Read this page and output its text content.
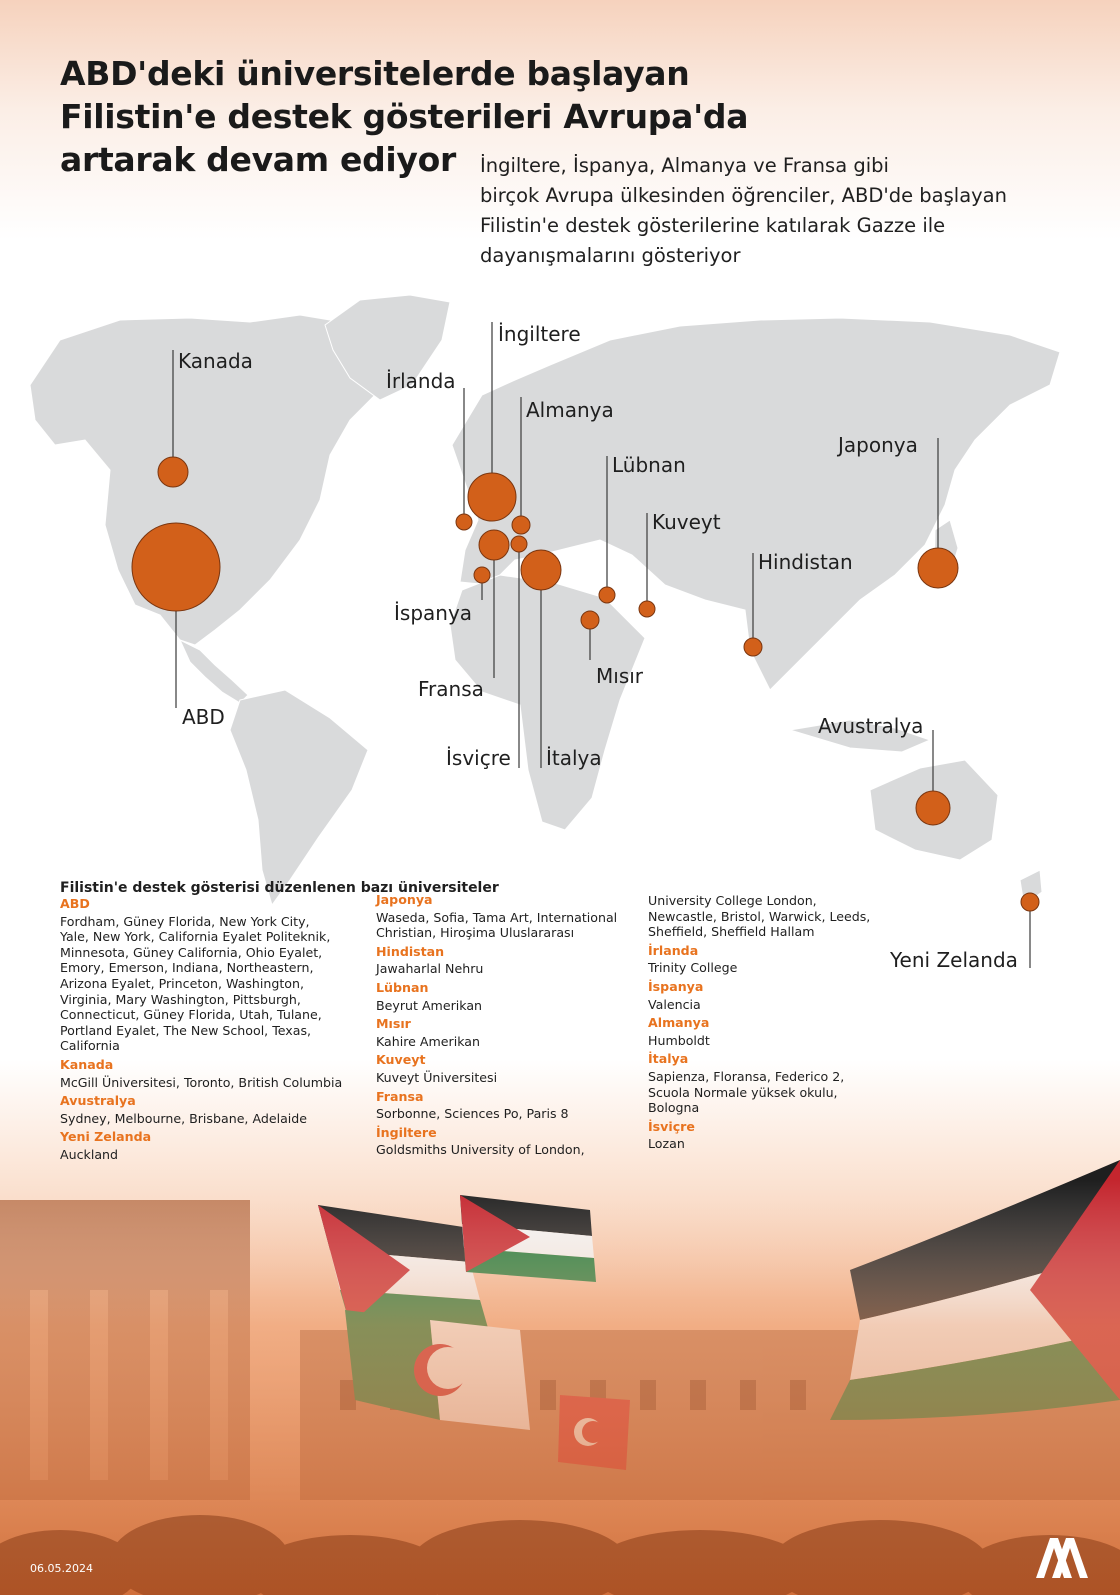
ABD'deki üniversitelerde başlayan
Filistin'e destek gösterileri Avrupa'da
artarak devam ediyor	İngiltere, İspanya, Almanya ve Fransa gibi
birçok Avrupa ülkesinden öğrenciler, ABD'de başlayan
Filistin'e destek gösterilerine katılarak Gazze ile
dayanışmalarını gösteriyor

Kanada
ABD
İrlanda
İngiltere
Almanya
Lübnan
Kuveyt
Japonya
Hindistan
İspanya
Fransa
Mısır
İsviçre İtalya
Avustralya
Yeni Zelanda
Filistin'e destek gösterisi düzenlenen bazı üniversiteler
ABD
Fordham, Güney Florida, New York City,
Yale, New York, California Eyalet Politeknik,
Minnesota, Güney California, Ohio Eyalet,
Emory, Emerson, Indiana, Northeastern,
Arizona Eyalet, Princeton, Washington,
Virginia, Mary Washington, Pittsburgh,
Connecticut, Güney Florida, Utah, Tulane,
Portland Eyalet, The New School, Texas,
California
Kanada
McGill Üniversitesi, Toronto, British Columbia
Avustralya
Sydney, Melbourne, Brisbane, Adelaide
Yeni Zelanda
Auckland
Japonya
Waseda, Sofia, Tama Art, International
Christian, Hiroşima Uluslararası
Hindistan
Jawaharlal Nehru
Lübnan
Beyrut Amerikan
Mısır
Kahire Amerikan
Kuveyt
Kuveyt Üniversitesi
Fransa
Sorbonne, Sciences Po, Paris 8
İngiltere
Goldsmiths University of London,
University College London,
Newcastle, Bristol, Warwick, Leeds,
Sheffield, Sheffield Hallam
İrlanda
Trinity College
İspanya
Valencia
Almanya
Humboldt
İtalya
Sapienza, Floransa, Federico 2,
Scuola Normale yüksek okulu,
Bologna
İsviçre
Lozan
06.05.2024
